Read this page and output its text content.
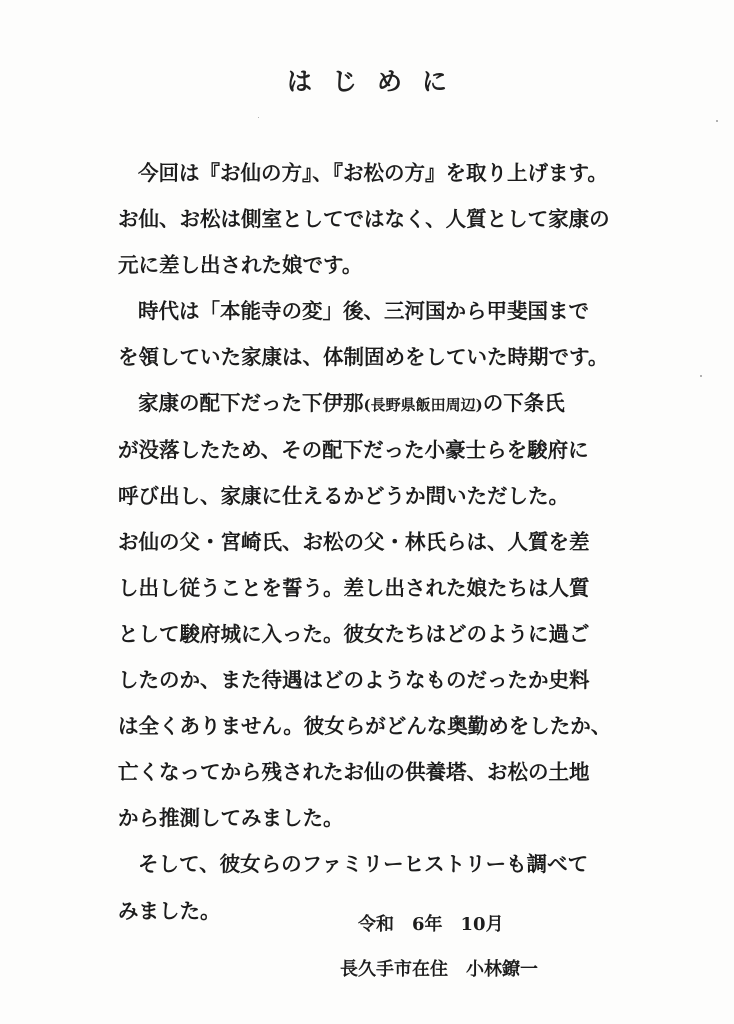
はじめに
今回は『お仙の方』、『お松の方』を取り上げます。
お仙、お松は側室としてではなく、人質として家康の
元に差し出された娘です。
時代は「本能寺の変」後、三河国から甲斐国まで
を領していた家康は、体制固めをしていた時期です。
家康の配下だった下伊那(長野県飯田周辺)の下条氏
が没落したため、その配下だった小豪士らを駿府に
呼び出し、家康に仕えるかどうか問いただした。
お仙の父・宮崎氏、お松の父・林氏らは、人質を差
し出し従うことを誓う。差し出された娘たちは人質
として駿府城に入った。彼女たちはどのように過ご
したのか、また待遇はどのようなものだったか史料
は全くありません。彼女らがどんな奥勤めをしたか、
亡くなってから残されたお仙の供養塔、お松の土地
から推測してみました。
そして、彼女らのファミリーヒストリーも調べて
みました。
令和　6年　10月
長久手市在住　小林鐐一
